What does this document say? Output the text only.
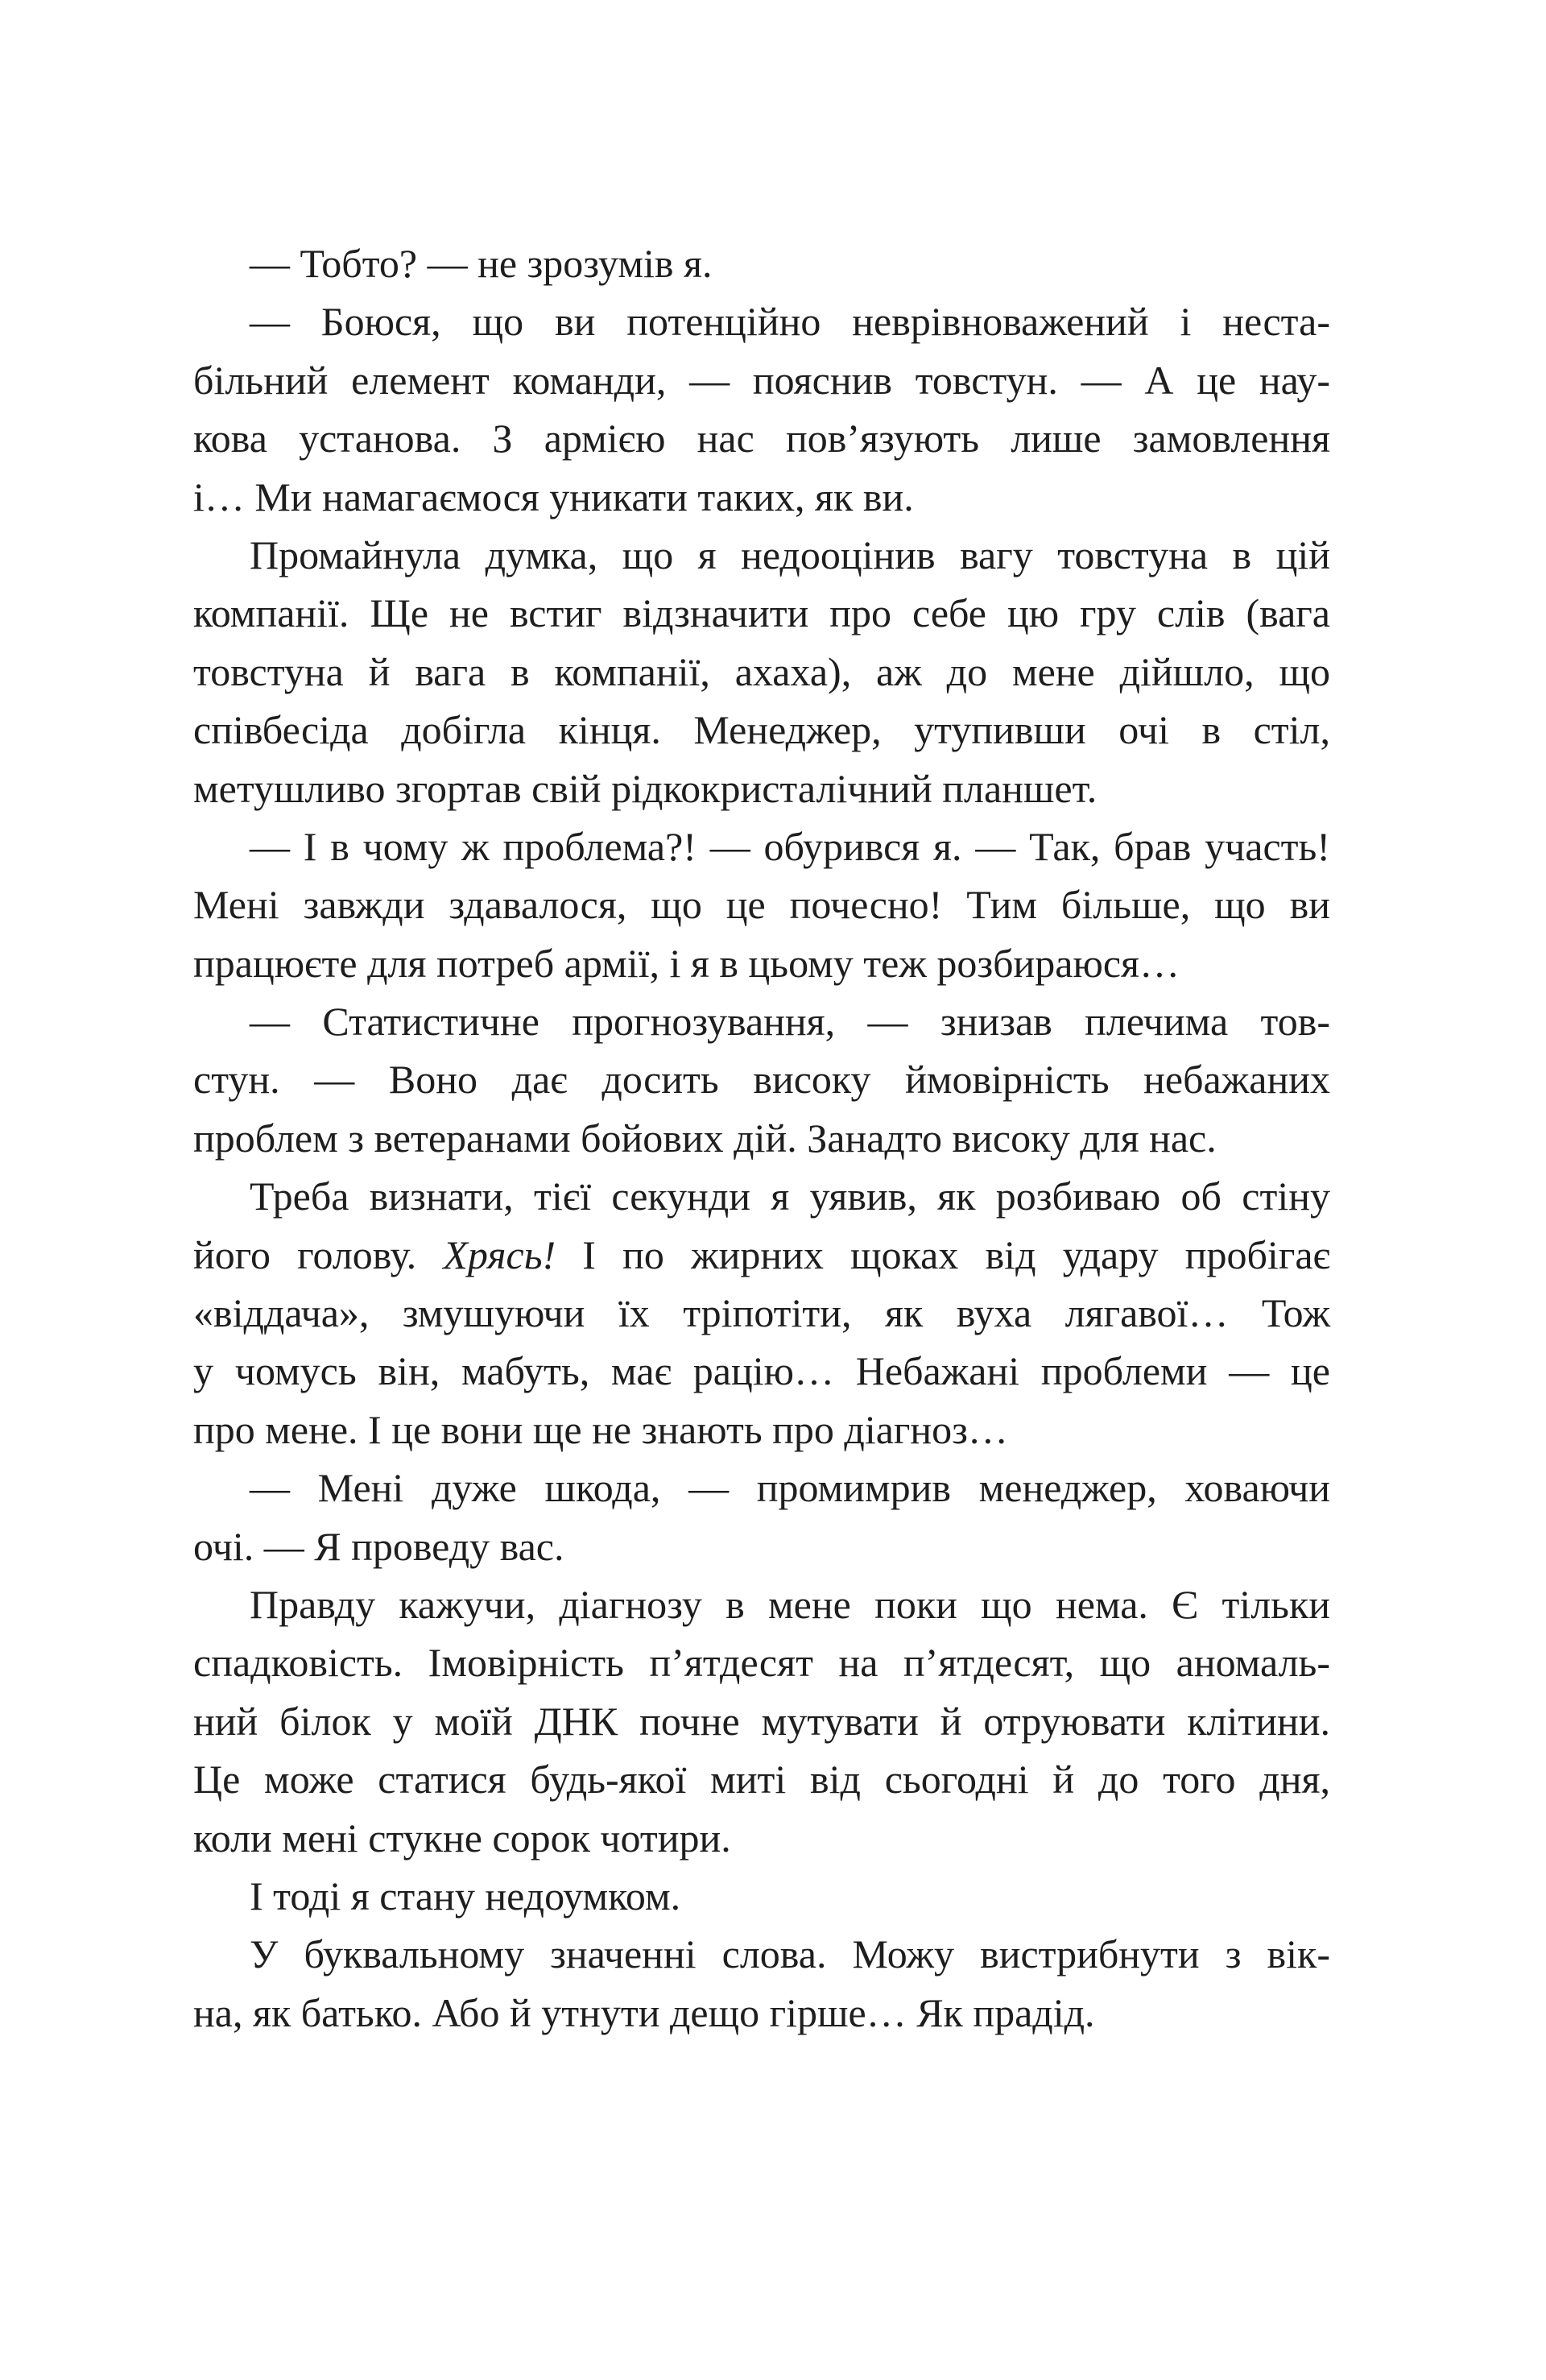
— Тобто? — не зрозумів я.
— Боюся, що ви потенційно неврівноважений і неста-
більний елемент команди, — пояснив товстун. — А це нау-
кова установа. З армією нас пов’язують лише замовлення
і… Ми намагаємося уникати таких, як ви.
Промайнула думка, що я недооцінив вагу товстуна в цій
компанії. Ще не встиг відзначити про себе цю гру слів (вага
товстуна й вага в компанії, ахаха), аж до мене дійшло, що
співбесіда добігла кінця. Менеджер, утупивши очі в стіл,
метушливо згортав свій рідкокристалічний планшет.
— І в чому ж проблема?! — обурився я. — Так, брав участь!
Мені завжди здавалося, що це почесно! Тим більше, що ви
працюєте для потреб армії, і я в цьому теж розбираюся…
— Статистичне прогнозування, — знизав плечима тов-
стун. — Воно дає досить високу ймовірність небажаних
проблем з ветеранами бойових дій. Занадто високу для нас.
Треба визнати, тієї секунди я уявив, як розбиваю об стіну
його голову. Хрясь! І по жирних щоках від удару пробігає
«віддача», змушуючи їх тріпотіти, як вуха лягавої… Тож
у чомусь він, мабуть, має рацію… Небажані проблеми — це
про мене. І це вони ще не знають про діагноз…
— Мені дуже шкода, — промимрив менеджер, ховаючи
очі. — Я проведу вас.
Правду кажучи, діагнозу в мене поки що нема. Є тільки
спадковість. Імовірність п’ятдесят на п’ятдесят, що аномаль-
ний білок у моїй ДНК почне мутувати й отруювати клітини.
Це може статися будь-якої миті від сьогодні й до того дня,
коли мені стукне сорок чотири.
І тоді я стану недоумком.
У буквальному значенні слова. Можу вистрибнути з вік-
на, як батько. Або й утнути дещо гірше… Як прадід.
